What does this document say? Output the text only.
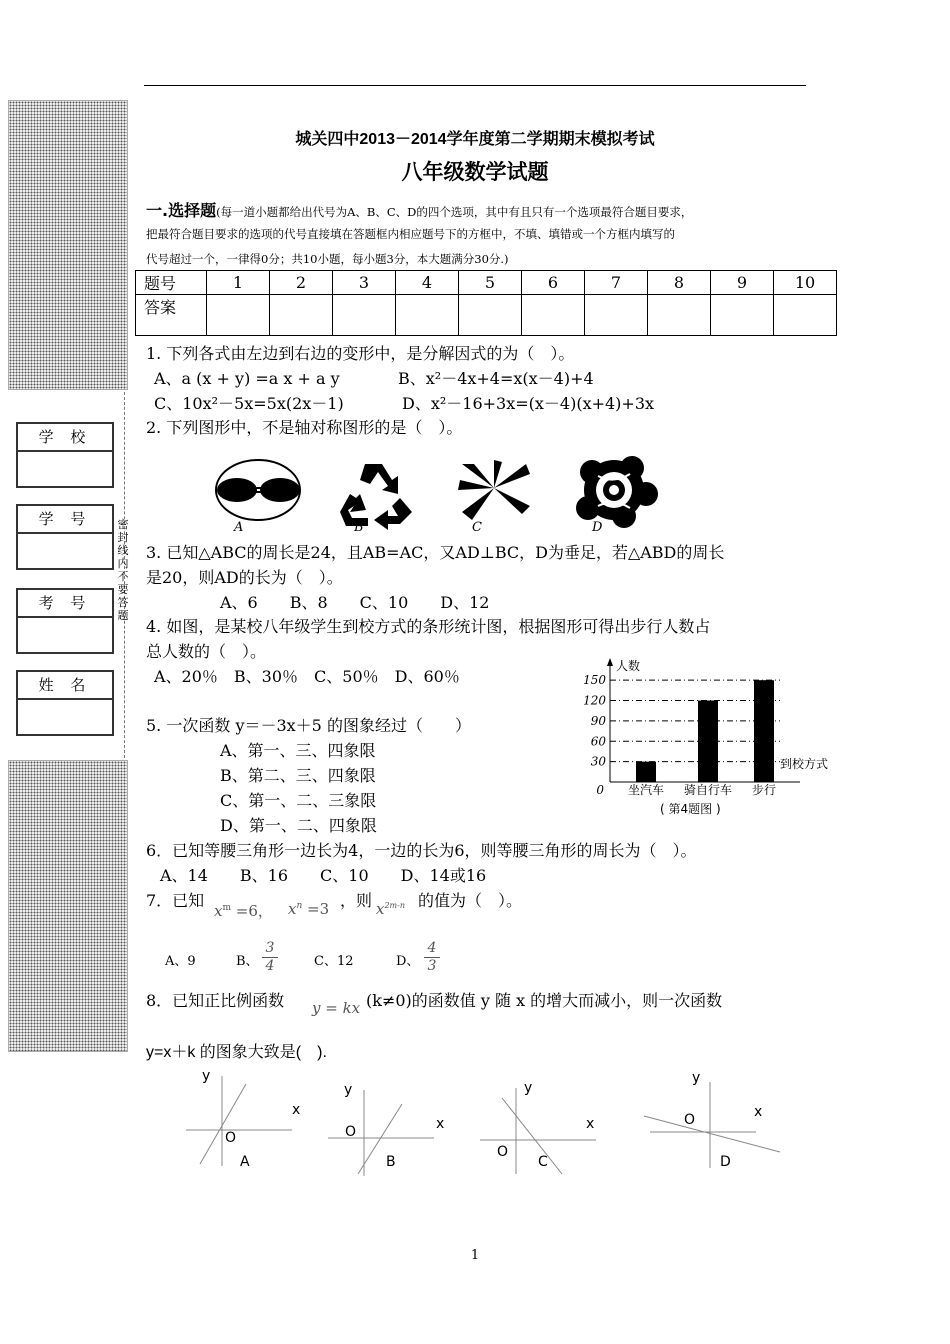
学 校
学 号
考 号
姓 名
密封线内不要答题
城关四中2013－2014学年度第二学期期末模拟考试
八年级数学试题
一.选择题(每一道小题都给出代号为A、B、C、D的四个选项，其中有且只有一个选项最符合题目要求，
把最符合题目要求的选项的代号直接填在答题框内相应题号下的方框中，不填、填错或一个方框内填写的
代号超过一个，一律得0分；共10小题，每小题3分，本大题满分30分.)
题号	1	2	3	4	5	6	7	8	9	10
答案										
1. 下列各式由左边到右边的变形中，是分解因式的为（　）。
A、a (x + y) =a x + a y	B、x²－4x+4=x(x－4)+4
C、10x²－5x=5x(2x－1)	D、x²－16+3x=(x－4)(x+4)+3x
2. 下列图形中，不是轴对称图形的是（　）。
A	B	C	D
3. 已知△ABC的周长是24，且AB=AC，又AD⊥BC，D为垂足，若△ABD的周长
是20，则AD的长为（　）。
A、6　　B、8　　C、10　　D、12
4. 如图，是某校八年级学生到校方式的条形统计图，根据图形可得出步行人数占
总人数的（　）。
A、20％　B、30％　C、50％　D、60％
30
60
90
120
150
人数
到校方式
0 坐汽车 骑自行车 步行
( 第4题图 )
5. 一次函数 y＝－3x＋5 的图象经过（　　）
A、第一、三、四象限
B、第二、三、四象限
C、第一、二、三象限
D、第一、二、四象限
6．已知等腰三角形一边长为4，一边的长为6，则等腰三角形的周长为（　）。
A、14　　B、16　　C、10　　D、14或16
7．已知
$x^m =6$， $x^n =3$ ，则 $x^{2m-n}$ 的值为（　）。
A、9	B、 $\frac{3}{4}$	C、12	D、 $\frac{4}{3}$
8．已知正比例函数 y = kx (k≠0)的函数值 y 随 x 的增大而减小，则一次函数
y=x＋k 的图象大致是(　).
y
x
O
A
y
x
O
B
y
x
O
C
y
x
O
D
1
